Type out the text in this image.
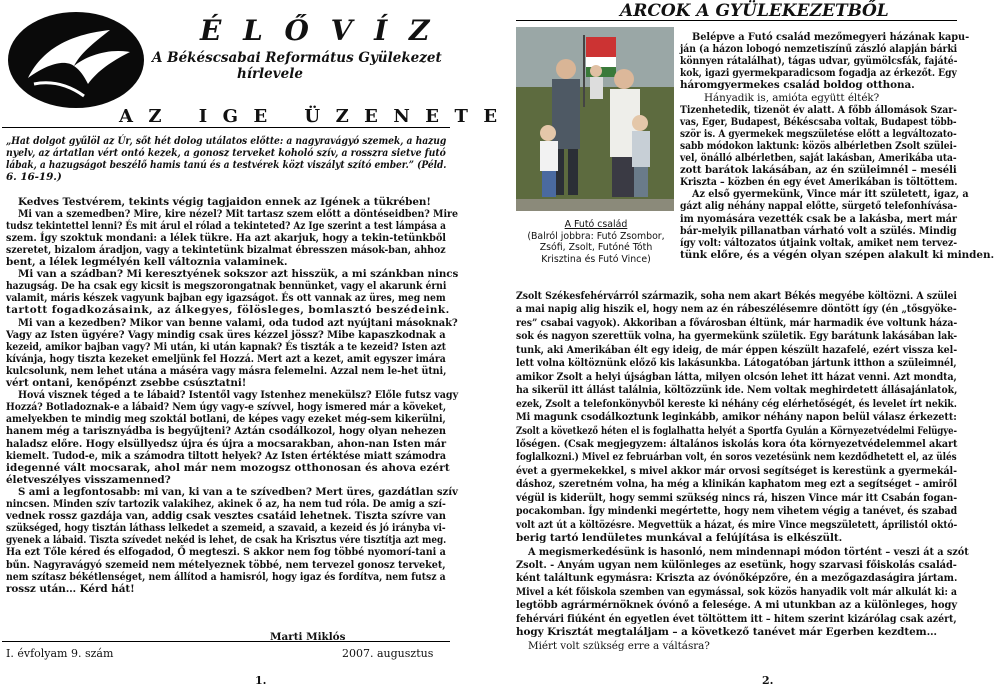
É L Ő V Í Z
A Békéscsabai Református Gyülekezet
hírlevele
A Z   I G E   Ü Z E N E T E
„Hat dolgot gyűlöl az Úr, sőt hét dolog utálatos előtte: a nagyravágyó szemek, a hazug
nyelv, az ártatlan vért ontó kezek, a gonosz terveket koholó szív, a rosszra sietve futó
lábak, a hazugságot beszélő hamis tanú és a testvérek közt viszályt szító ember.” (Péld.
6. 16-19.)
Kedves Testvérem, tekints végig tagjaidon ennek az Igének a tükrében!
Mi van a szemedben? Mire, kire nézel? Mit tartasz szem előtt a döntéseidben? Mire
tudsz tekintettel lenni? És mit árul el rólad a tekinteted? Az Ige szerint a test lámpása a
szem. Így szoktuk mondani: a lélek tükre. Ha azt akarjuk, hogy a tekin-tetünkből
szeretet, bizalom áradjon, vagy a tekintetünk bizalmat ébresszen mások-ban, ahhoz
bent, a lélek legmélyén kell változnia valaminek.
Mi van a szádban? Mi keresztyének sokszor azt hisszük, a mi szánkban nincs
hazugság. De ha csak egy kicsit is megszorongatnak bennünket, vagy el akarunk érni
valamit, máris készek vagyunk bajban egy igazságot. És ott vannak az üres, meg nem
tartott fogadkozásaink, az álkegyes, fölösleges, bomlasztó beszédeink.
Mi van a kezedben? Mikor van benne valami, oda tudod azt nyújtani másoknak?
Vagy az Isten ügyére? Vagy mindig csak üres kézzel jössz? Mibe kapaszkodnak a
kezeid, amikor bajban vagy? Mi után, ki után kapnak? És tiszták a te kezeid? Isten azt
kívánja, hogy tiszta kezeket emeljünk fel Hozzá. Mert azt a kezet, amit egyszer imára
kulcsolunk, nem lehet utána a máséra vagy másra felemelni. Azzal nem le-het ütni,
vért ontani, kenőpénzt zsebbe csúsztatni!
Hová visznek téged a te lábaid? Istentől vagy Istenhez menekülsz? Előle futsz vagy
Hozzá? Botladoznak-e a lábaid? Nem úgy vagy-e szívvel, hogy ismered már a köveket,
amelyekben te mindig meg szoktál botlani, de képes vagy ezeket még-sem kikerülni,
hanem még a tarisznyádba is begyűjteni? Aztán csodálkozol, hogy olyan nehezen
haladsz előre. Hogy elsüllyedsz újra és újra a mocsarakban, ahon-nan Isten már
kiemelt. Tudod-e, mik a számodra tiltott helyek? Az Isten értéktése miatt számodra
idegenné vált mocsarak, ahol már nem mozogsz otthonosan és ahova ezért
életveszélyes visszamenned?
S ami a legfontosabb: mi van, ki van a te szívedben? Mert üres, gazdátlan szív
nincsen. Minden szív tartozik valakihez, akinek ő az, ha nem tud róla. De amig a szí-
vednek rossz gazdája van, addig csak vesztes csatáid lehetnek. Tiszta szívre van
szükséged, hogy tisztán láthass lelkedet a szemeid, a szavaid, a kezeid és jó irányba vi-
gyenek a lábaid. Tiszta szívedet nekéd is lehet, de csak ha Krisztus vére tisztítja azt meg.
Ha ezt Tőle kéred és elfogadod, Ő megteszi. S akkor nem fog többé nyomorí-tani a
bűn. Nagyravágyó szemeid nem mételyeznek többé, nem tervezel gonosz terveket,
nem szítasz békétlenséget, nem állítod a hamisról, hogy igaz és fordítva, nem futsz a
rossz után… Kérd hát!
I. évfolyam 9. szám	2007. augusztus
1.	2.
ARCOK A GYÜLEKEZETBŐL
A Futó család
(Balról jobbra: Futó Zsombor,
Zsófi, Zsolt, Futóné Tóth
Krisztina és Futó Vince)
Belépve a Futó család mezőmegyeri házának kapu-
ján (a házon lobogó nemzetiszínű zászló alapján bárki
könnyen rátalálhat), tágas udvar, gyümölcsfák, fajáté-
kok, igazi gyermekparadicsom fogadja az érkezőt. Egy
háromgyermekes család boldog otthona.
Hányadik is, amióta együtt élték?
Tizenhetedik, tizenöt év alatt. A főbb állomások Szar-
vas, Eger, Budapest, Békéscsaba voltak, Budapest több-
ször is. A gyermekek megszületése előtt a legváltozato-
sabb módokon laktunk: közös albérletben Zsolt szülei-
vel, önálló albérletben, saját lakásban, Amerikába uta-
zott barátok lakásában, az én szüleimnél – meséli
Kriszta – közben én egy évet Amerikában is töltöttem.
Az első gyermekünk, Vince már itt született, igaz, a
gázt alig néhány nappal előtte, sürgető telefonhívása-
im nyomására vezették csak be a lakásba, mert már
bár-melyik pillanatban várható volt a szülés. Mindig
így volt: változatos útjaink voltak, amiket nem tervez-
tünk előre, és a végén olyan szépen alakult ki minden.
Zsolt Székesfehérvárról származik, soha nem akart Békés megyébe költözni. A szülei
a mai napig alig hiszik el, hogy nem az én rábeszélésemre döntött így (én „tősgyöke-
res” csabai vagyok). Akkoriban a fővárosban éltünk, már harmadik éve voltunk háza-
sok és nagyon szerettük volna, ha gyermekünk születik. Egy barátunk lakásában lak-
tunk, aki Amerikában élt egy ideig, de már éppen készült hazafelé, ezért vissza kel-
lett volna költöznünk előző kis lakásunkba. Látogatóban jártunk itthon a szüleimnél,
amikor Zsolt a helyi újságban látta, milyen olcsón lehet itt házat venni. Azt mondta,
ha sikerül itt állást találnia, költözzünk ide. Nem voltak meghirdetett állásajánlatok,
ezek, Zsolt a telefonkönyvből kereste ki néhány cég elérhetőségét, és levelet írt nekik.
Mi magunk csodálkoztunk leginkább, amikor néhány napon belül válasz érkezett:
Zsolt a következő héten el is foglalhatta helyét a Sportfa Gyulán a Környezetvédelmi Felügye-
lőségen. (Csak megjegyzem: általános iskolás kora óta környezetvédelemmel akart
foglalkozni.) Mivel ez februárban volt, én soros vezetésünk nem kezdődhetett el, az ülés
évet a gyermekekkel, s mivel akkor már orvosi segítséget is kerestünk a gyermekál-
dáshoz, szeretném volna, ha még a klinikán kaphatom meg ezt a segítséget – amiről
végül is kiderült, hogy semmi szükség nincs rá, hiszen Vince már itt Csabán fogan-
pocakomban. Így mindenki megértette, hogy nem vihetem végig a tanévet, és szabad
volt azt út a költözésre. Megvettük a házat, és mire Vince megszületett, áprilistól októ-
berig tartó lendületes munkával a felújítása is elkészült.
A megismerkedésünk is hasonló, nem mindennapi módon történt – veszi át a szót
Zsolt. - Anyám ugyan nem különleges az esetünk, hogy szarvasi főiskolás család-
ként találtunk egymásra: Kriszta az óvónőképzőre, én a mezőgazdaságira jártam.
Mivel a két főiskola szemben van egymással, sok közös hanyadik volt már alkulát ki: a
legtöbb agrármérnöknek óvónő a felesége. A mi utunkban az a különleges, hogy
fehérvári fiúként én egyetlen évet töltöttem itt – hitem szerint kizárólag csak azért,
hogy Krisztát megtaláljam – a következő tanévet már Egerben kezdtem…
Miért volt szükség erre a váltásra?
Marti Miklós
